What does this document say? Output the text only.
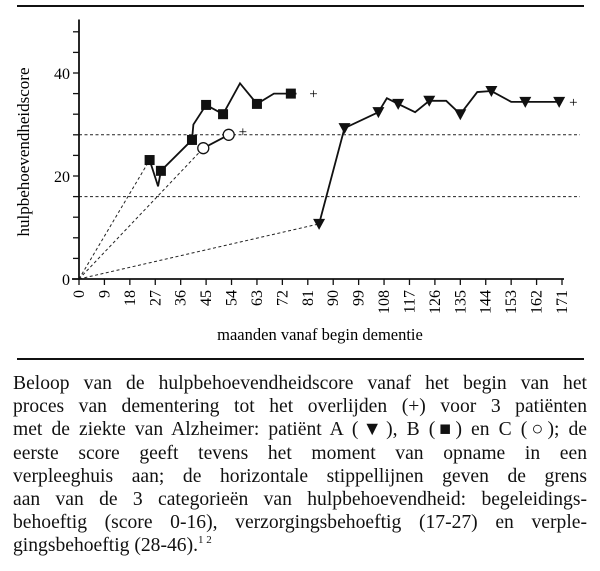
0
20
40
0 9 18 27 36 45 54 63 72 81 90 99 108 117 126 135 144 153 162 171
+
+
+
hulpbehoevendheidscore
maanden vanaf begin dementie

Beloop van de hulpbehoevendheidscore vanaf het begin van het
proces van dementering tot het overlijden (+) voor 3 patiënten
met de ziekte van Alzheimer: patiënt A (▼), B (■) en C (○); de
eerste score geeft tevens het moment van opname in een
verpleeghuis aan; de horizontale stippellijnen geven de grens
aan van de 3 categorieën van hulpbehoevendheid: begeleidings-
behoeftig (score 0-16), verzorgingsbehoeftig (17-27) en verple-
gingsbehoeftig (28-46).$^{1 2}$
